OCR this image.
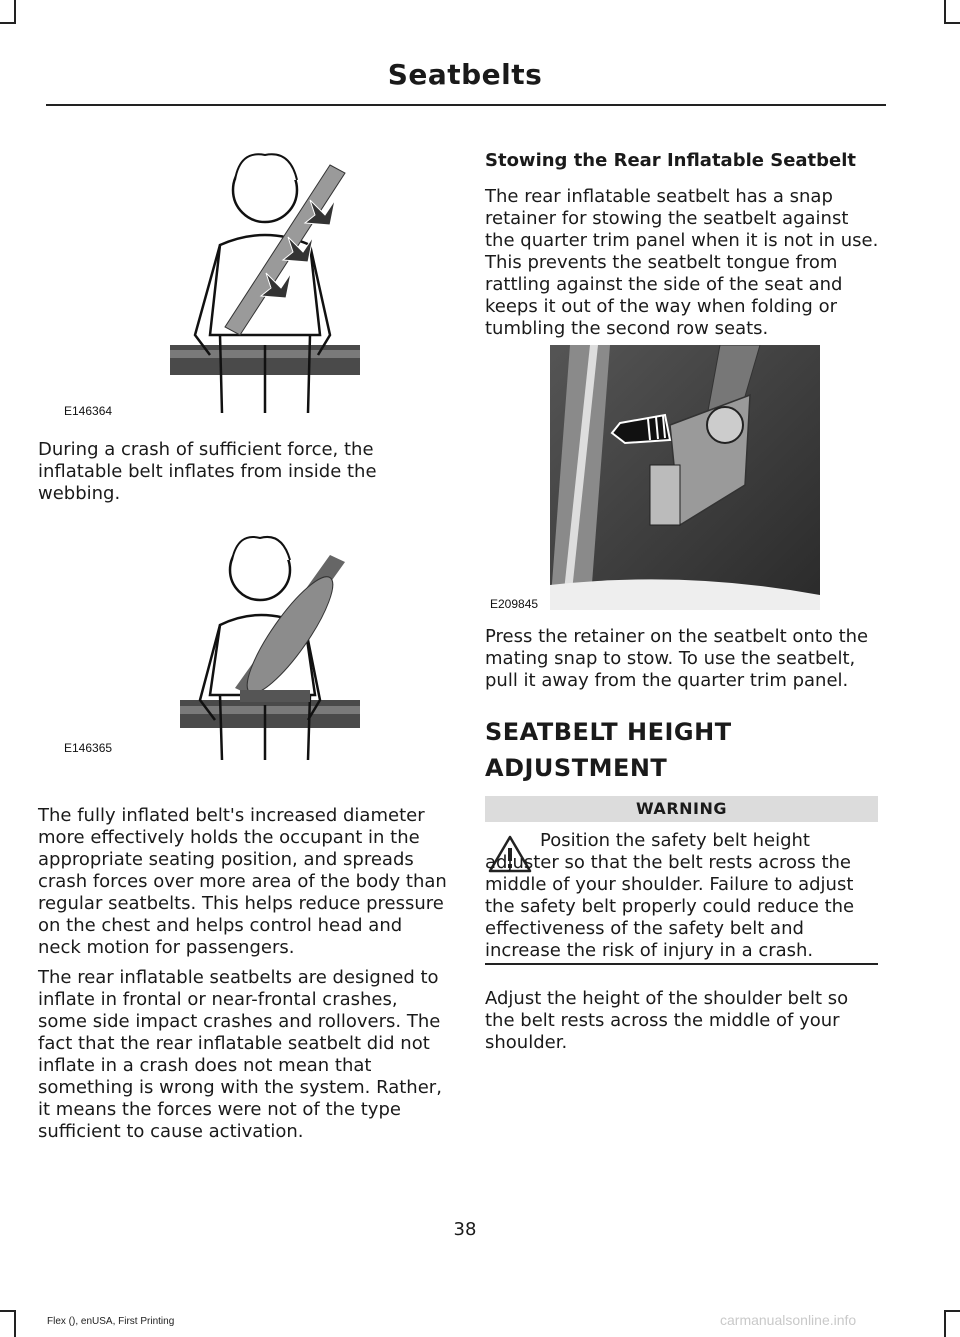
Seatbelts
E146364

During a crash of sufficient force, the inflatable belt inflates from inside the webbing.

E146365

The fully inflated belt's increased diameter more effectively holds the occupant in the appropriate seating position, and spreads crash forces over more area of the body than regular seatbelts. This helps reduce pressure on the chest and helps control head and neck motion for passengers.

The rear inflatable seatbelts are designed to inflate in frontal or near-frontal crashes, some side impact crashes and rollovers. The fact that the rear inflatable seatbelt did not inflate in a crash does not mean that something is wrong with the system. Rather, it means the forces were not of the type sufficient to cause activation.

Stowing the Rear Inflatable Seatbelt

The rear inflatable seatbelt has a snap retainer for stowing the seatbelt against the quarter trim panel when it is not in use. This prevents the seatbelt tongue from rattling against the side of the seat and keeps it out of the way when folding or tumbling the second row seats.

E209845

Press the retainer on the seatbelt onto the mating snap to stow. To use the seatbelt, pull it away from the quarter trim panel.

SEATBELT HEIGHT
ADJUSTMENT
WARNING

Position the safety belt height adjuster so that the belt rests across the middle of your shoulder. Failure to adjust the safety belt properly could reduce the effectiveness of the safety belt and increase the risk of injury in a crash.

Adjust the height of the shoulder belt so the belt rests across the middle of your shoulder.

38
Flex (), enUSA, First Printing	carmanualsonline.info
